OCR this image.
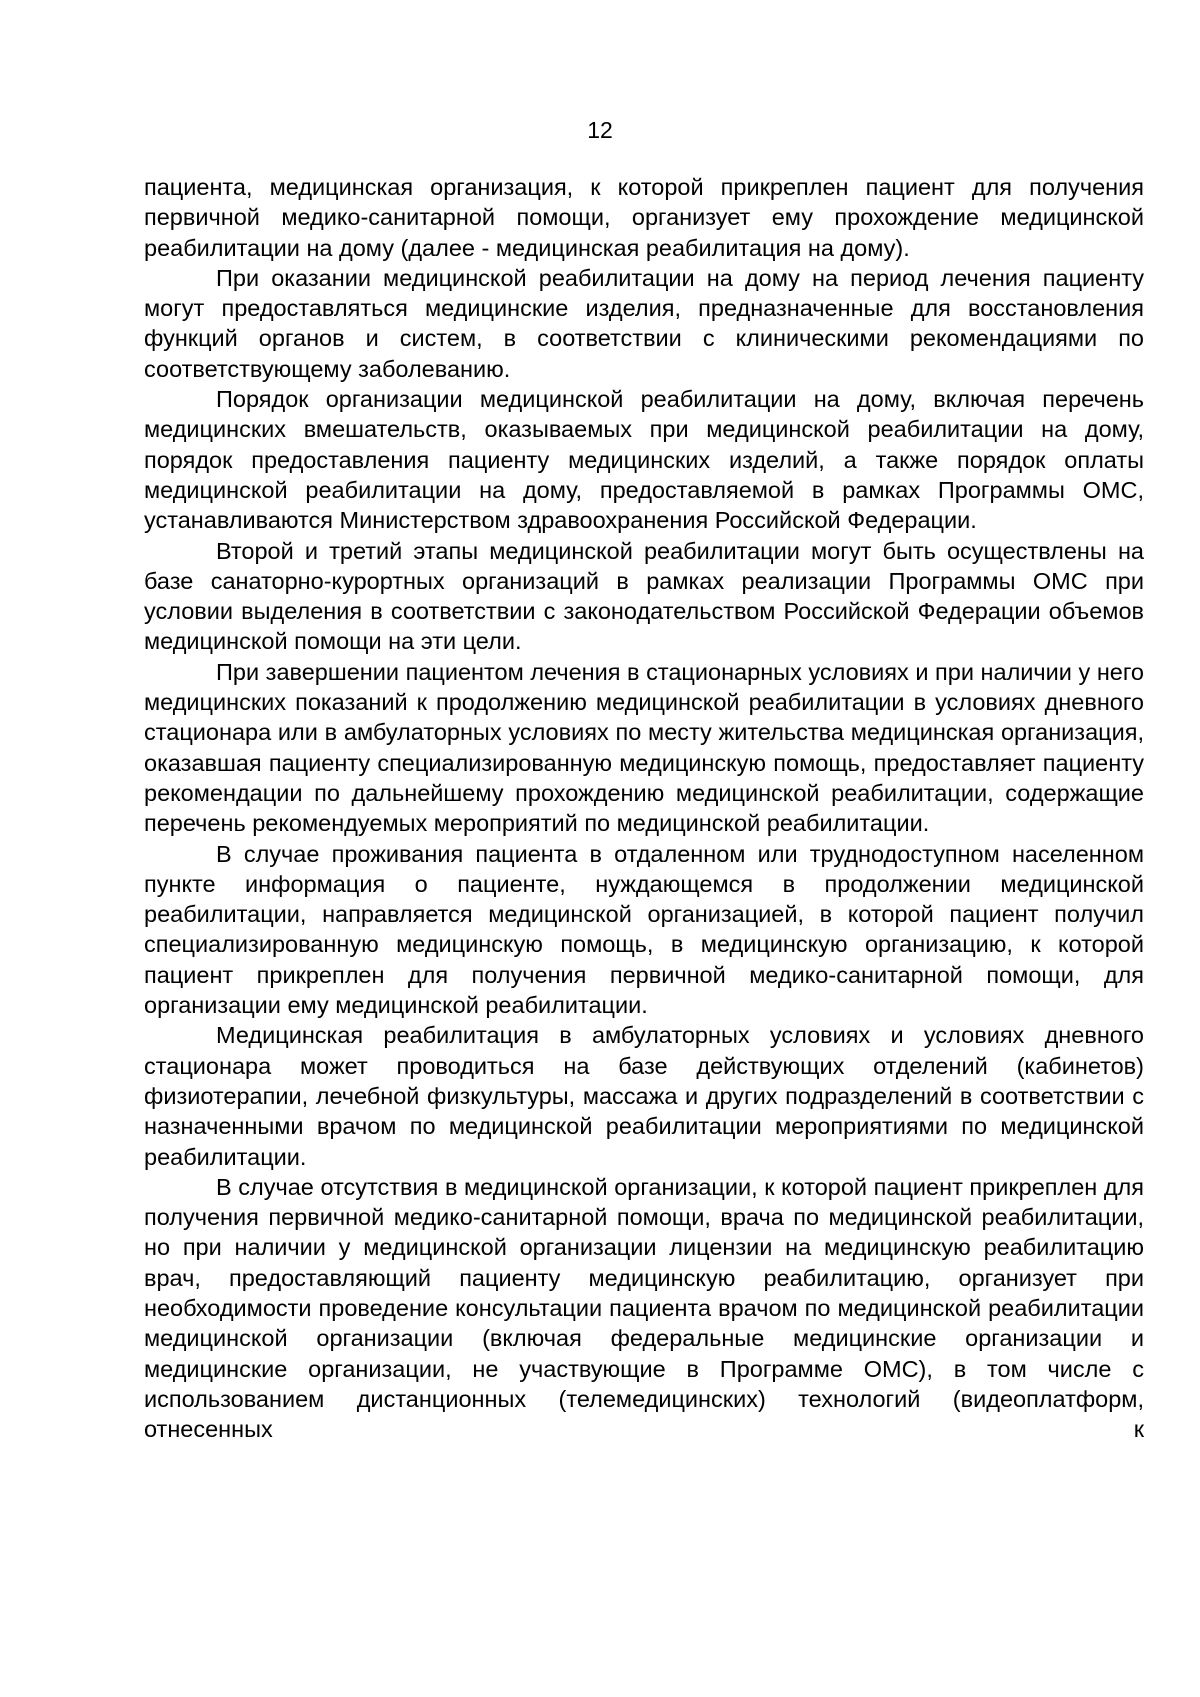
12

пациента, медицинская организация, к которой прикреплен пациент для получения первичной медико-санитарной помощи, организует ему прохождение медицинской реабилитации на дому (далее - медицинская реабилитация на дому).

При оказании медицинской реабилитации на дому на период лечения пациенту могут предоставляться медицинские изделия, предназначенные для восстановления функций органов и систем, в соответствии с клиническими рекомендациями по соответствующему заболеванию.

Порядок организации медицинской реабилитации на дому, включая перечень медицинских вмешательств, оказываемых при медицинской реабилитации на дому, порядок предоставления пациенту медицинских изделий, а также порядок оплаты медицинской реабилитации на дому, предоставляемой в рамках Программы ОМС, устанавливаются Министерством здравоохранения Российской Федерации.

Второй и третий этапы медицинской реабилитации могут быть осуществлены на базе санаторно-курортных организаций в рамках реализации Программы ОМС при условии выделения в соответствии с законодательством Российской Федерации объемов медицинской помощи на эти цели.

При завершении пациентом лечения в стационарных условиях и при наличии у него медицинских показаний к продолжению медицинской реабилитации в условиях дневного стационара или в амбулаторных условиях по месту жительства медицинская организация, оказавшая пациенту специализированную медицинскую помощь, предоставляет пациенту рекомендации по дальнейшему прохождению медицинской реабилитации, содержащие перечень рекомендуемых мероприятий по медицинской реабилитации.

В случае проживания пациента в отдаленном или труднодоступном населенном пункте информация о пациенте, нуждающемся в продолжении медицинской реабилитации, направляется медицинской организацией, в которой пациент получил специализированную медицинскую помощь, в медицинскую организацию, к которой пациент прикреплен для получения первичной медико-санитарной помощи, для организации ему медицинской реабилитации.

Медицинская реабилитация в амбулаторных условиях и условиях дневного стационара может проводиться на базе действующих отделений (кабинетов) физиотерапии, лечебной физкультуры, массажа и других подразделений в соответствии с назначенными врачом по медицинской реабилитации мероприятиями по медицинской реабилитации.

В случае отсутствия в медицинской организации, к которой пациент прикреплен для получения первичной медико-санитарной помощи, врача по медицинской реабилитации, но при наличии у медицинской организации лицензии на медицинскую реабилитацию врач, предоставляющий пациенту медицинскую реабилитацию, организует при необходимости проведение консультации пациента врачом по медицинской реабилитации медицинской организации (включая федеральные медицинские организации и медицинские организации, не участвующие в Программе ОМС), в том числе с использованием дистанционных (телемедицинских) технологий (видеоплатформ, отнесенных к
